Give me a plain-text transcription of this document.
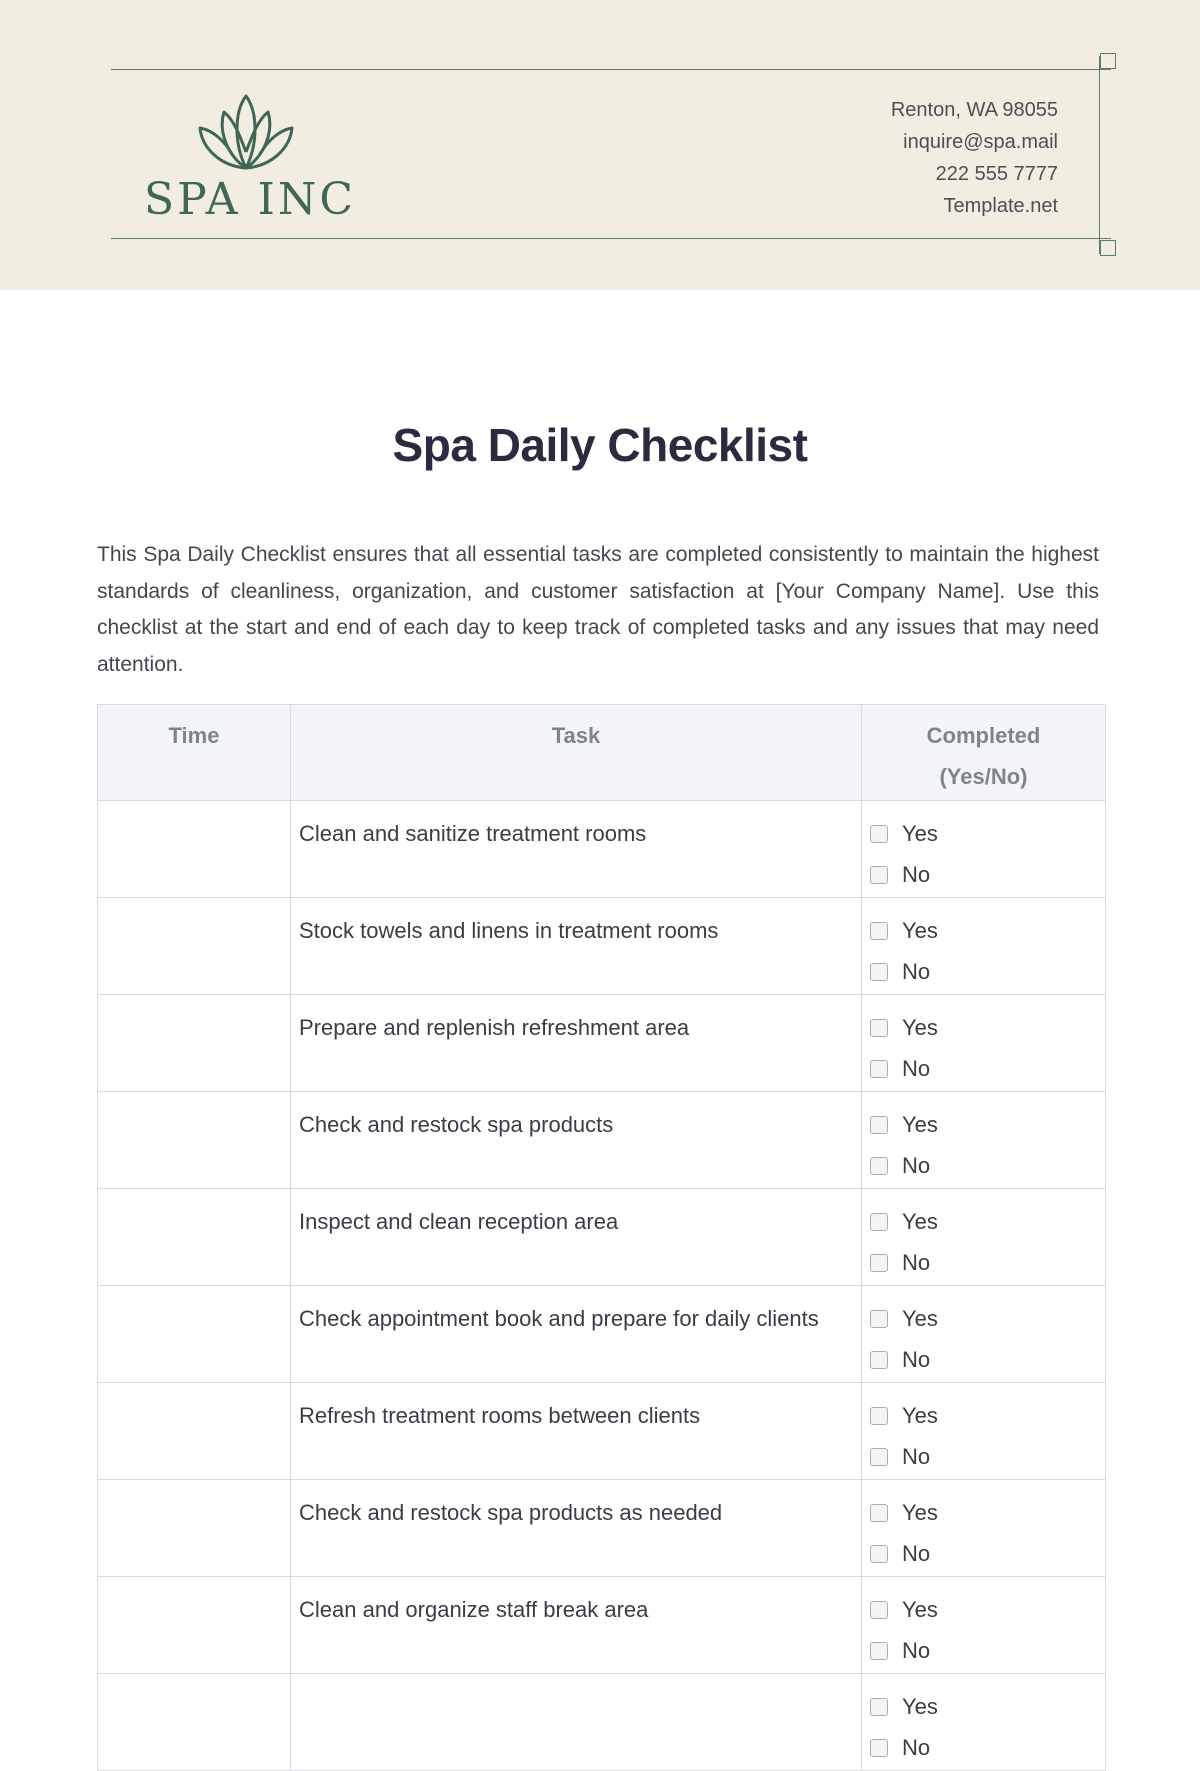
SPA INC
Renton, WA 98055
inquire@spa.mail
222 555 7777
Template.net
Spa Daily Checklist

This Spa Daily Checklist ensures that all essential tasks are completed consistently to maintain the highest standards of cleanliness, organization, and customer satisfaction at [Your Company Name]. Use this checklist at the start and end of each day to keep track of completed tasks and any issues that may need attention.

Time	Task	Completed (Yes/No)
	Clean and sanitize treatment rooms	Yes
No

	Stock towels and linens in treatment rooms	Yes
No

	Prepare and replenish refreshment area	Yes
No

	Check and restock spa products	Yes
No

	Inspect and clean reception area	Yes
No

	Check appointment book and prepare for daily clients	Yes
No

	Refresh treatment rooms between clients	Yes
No

	Check and restock spa products as needed	Yes
No

	Clean and organize staff break area	Yes
No

		Yes
No
